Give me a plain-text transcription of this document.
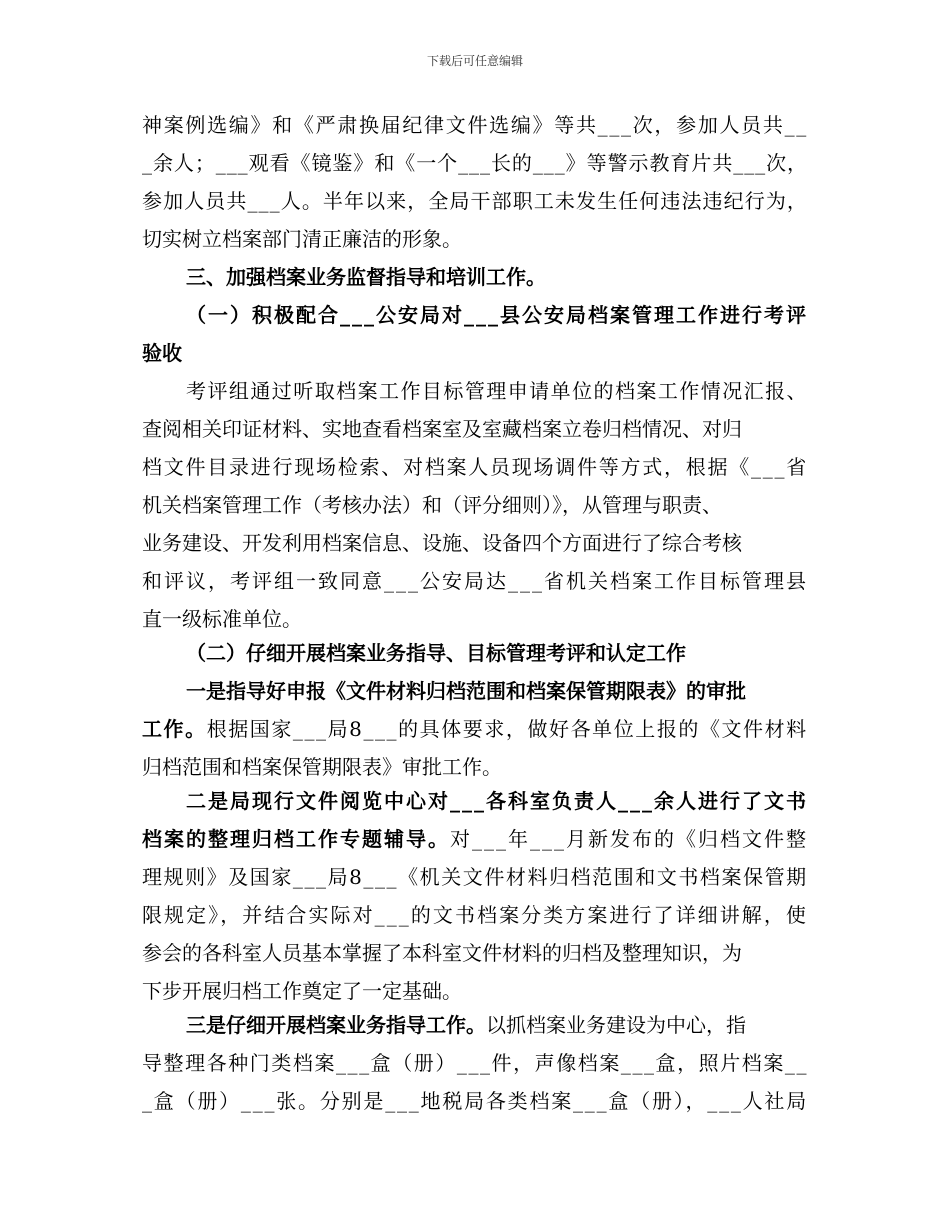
下载后可任意编辑
神案例选编》和《严肃换届纪律文件选编》等共___次，参加人员共__
_余人；___观看《镜鉴》和《一个___长的___》等警示教育片共___次，
参加人员共___人。半年以来，全局干部职工未发生任何违法违纪行为，
切实树立档案部门清正廉洁的形象。
三、加强档案业务监督指导和培训工作。
（一）积极配合___公安局对___县公安局档案管理工作进行考评
验收
考评组通过听取档案工作目标管理申请单位的档案工作情况汇报、
查阅相关印证材料、实地查看档案室及室藏档案立卷归档情况、对归
档文件目录进行现场检索、对档案人员现场调件等方式，根据《___省
机关档案管理工作（考核办法）和（评分细则）》，从管理与职责、
业务建设、开发利用档案信息、设施、设备四个方面进行了综合考核
和评议，考评组一致同意___公安局达___省机关档案工作目标管理县
直一级标准单位。
（二）仔细开展档案业务指导、目标管理考评和认定工作
一是指导好申报《文件材料归档范围和档案保管期限表》的审批
工作。根据国家___局8___的具体要求，做好各单位上报的《文件材料
归档范围和档案保管期限表》审批工作。
二是局现行文件阅览中心对___各科室负责人___余人进行了文书
档案的整理归档工作专题辅导。对___年___月新发布的《归档文件整
理规则》及国家___局8___《机关文件材料归档范围和文书档案保管期
限规定》，并结合实际对___的文书档案分类方案进行了详细讲解，使
参会的各科室人员基本掌握了本科室文件材料的归档及整理知识，为
下步开展归档工作奠定了一定基础。
三是仔细开展档案业务指导工作。以抓档案业务建设为中心，指
导整理各种门类档案___盒（册）___件，声像档案___盒，照片档案__
_盒（册）___张。分别是___地税局各类档案___盒（册），___人社局
